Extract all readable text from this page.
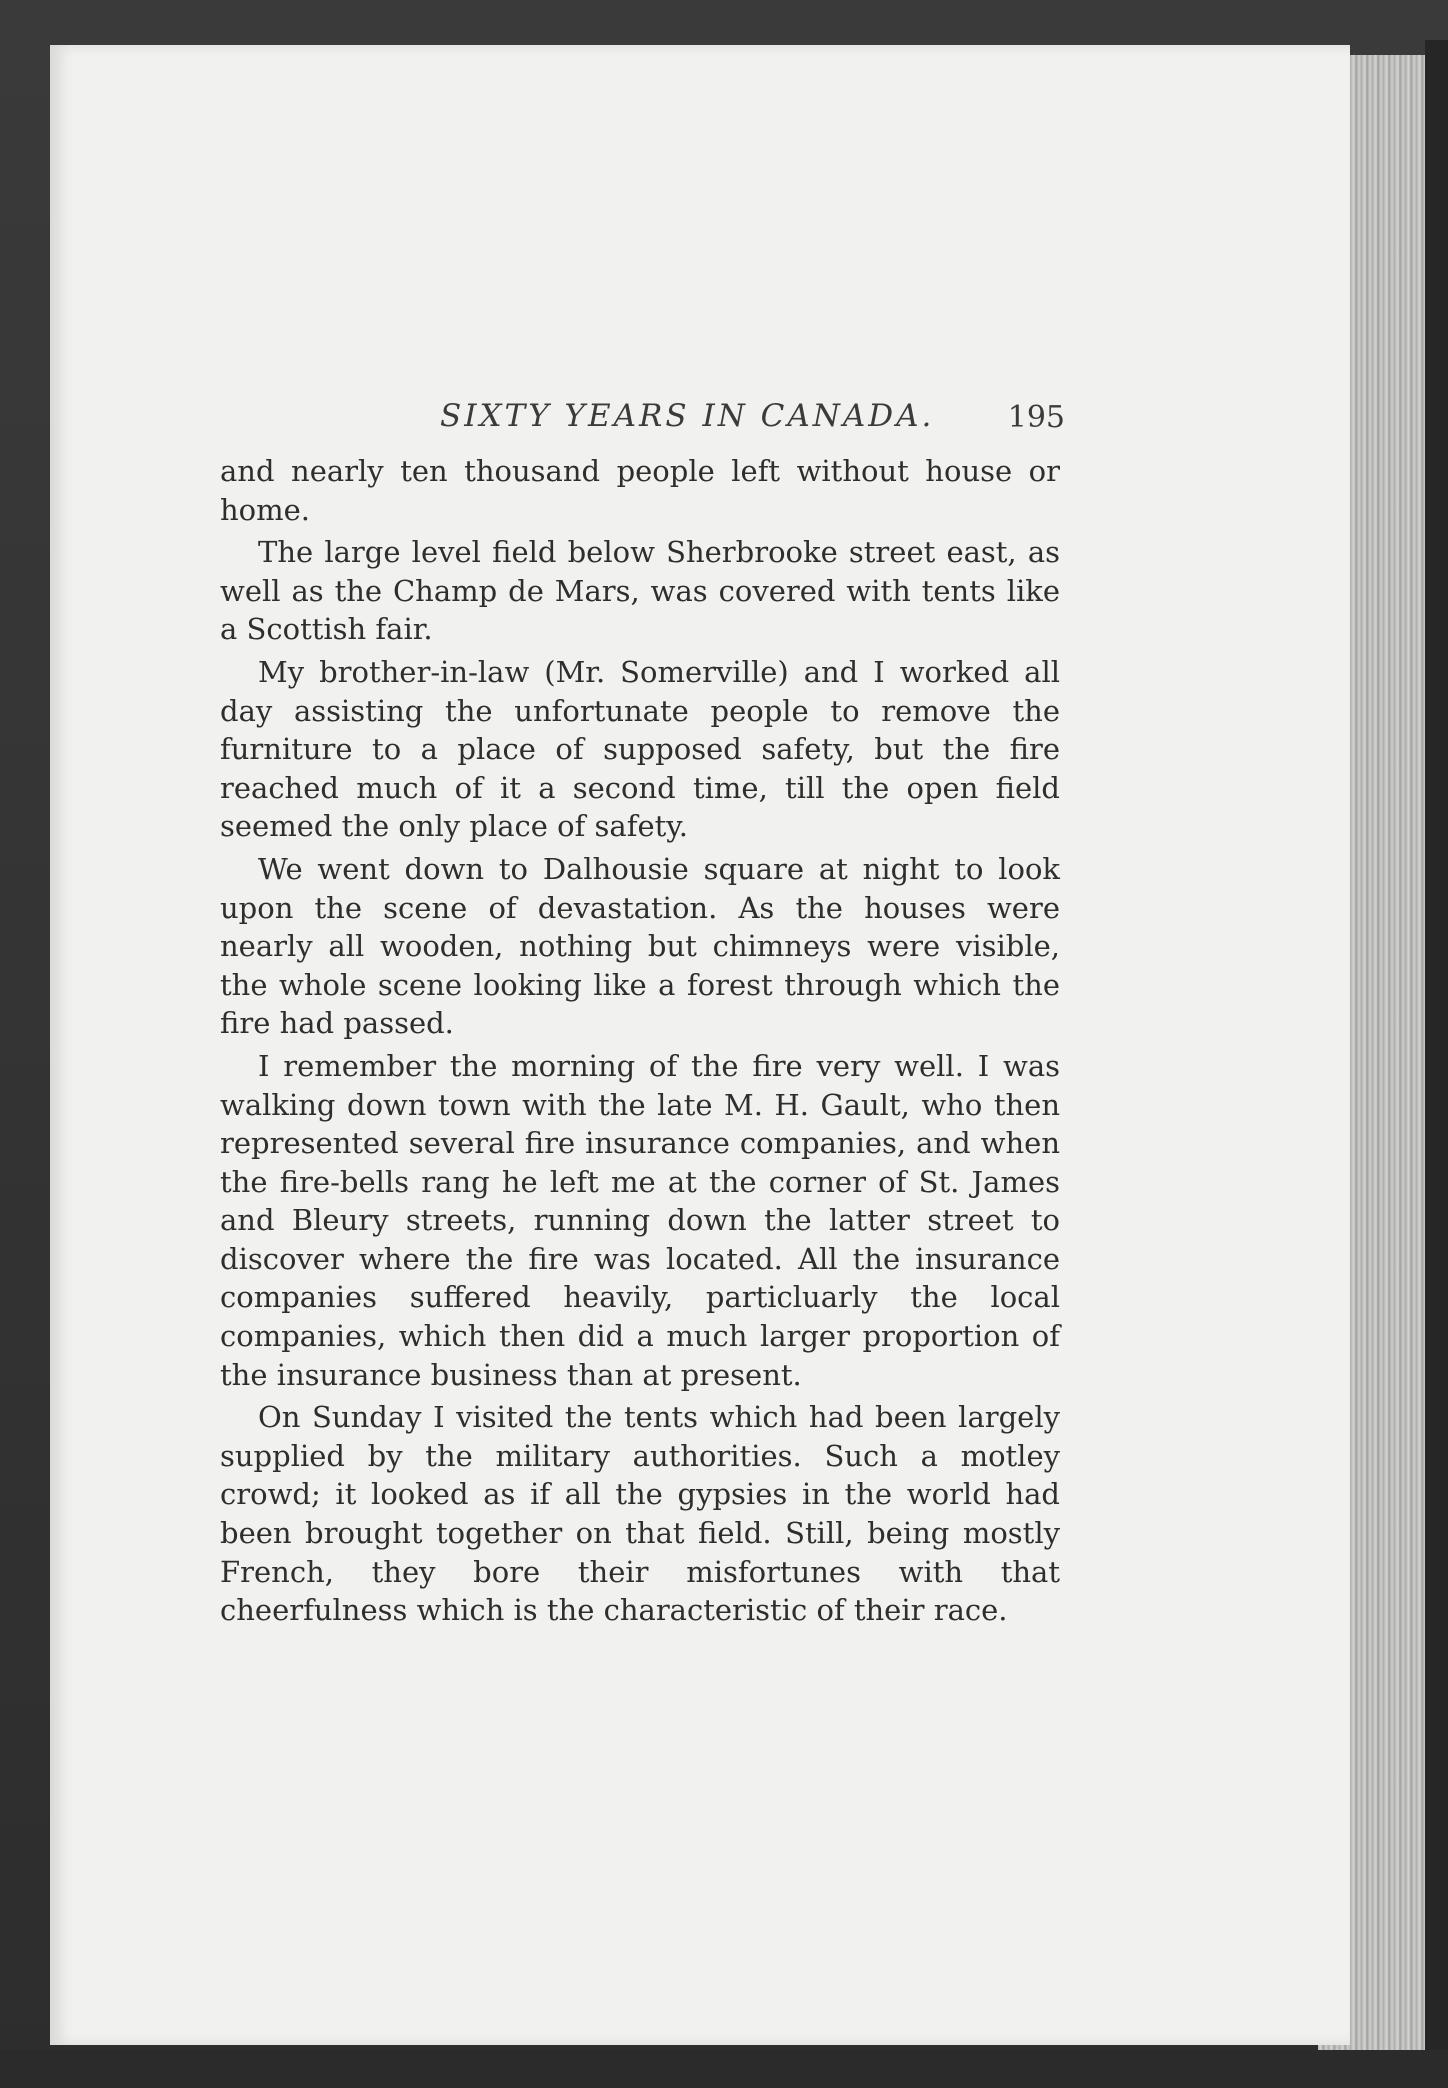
SIXTY YEARS IN CANADA. 195

and nearly ten thousand people left without house or home.

The large level field below Sherbrooke street east, as well as the Champ de Mars, was covered with tents like a Scottish fair.

My brother-in-law (Mr. Somerville) and I worked all day assisting the unfortunate people to remove the furniture to a place of supposed safety, but the fire reached much of it a second time, till the open field seemed the only place of safety.

We went down to Dalhousie square at night to look upon the scene of devastation. As the houses were nearly all wooden, nothing but chimneys were visible, the whole scene looking like a forest through which the fire had passed.

I remember the morning of the fire very well. I was walking down town with the late M. H. Gault, who then represented several fire insurance companies, and when the fire-bells rang he left me at the corner of St. James and Bleury streets, running down the latter street to discover where the fire was located. All the insurance companies suffered heavily, particluarly the local companies, which then did a much larger proportion of the insurance business than at present.

On Sunday I visited the tents which had been largely supplied by the military authorities. Such a motley crowd; it looked as if all the gypsies in the world had been brought together on that field. Still, being mostly French, they bore their misfortunes with that cheerfulness which is the characteristic of their race.
